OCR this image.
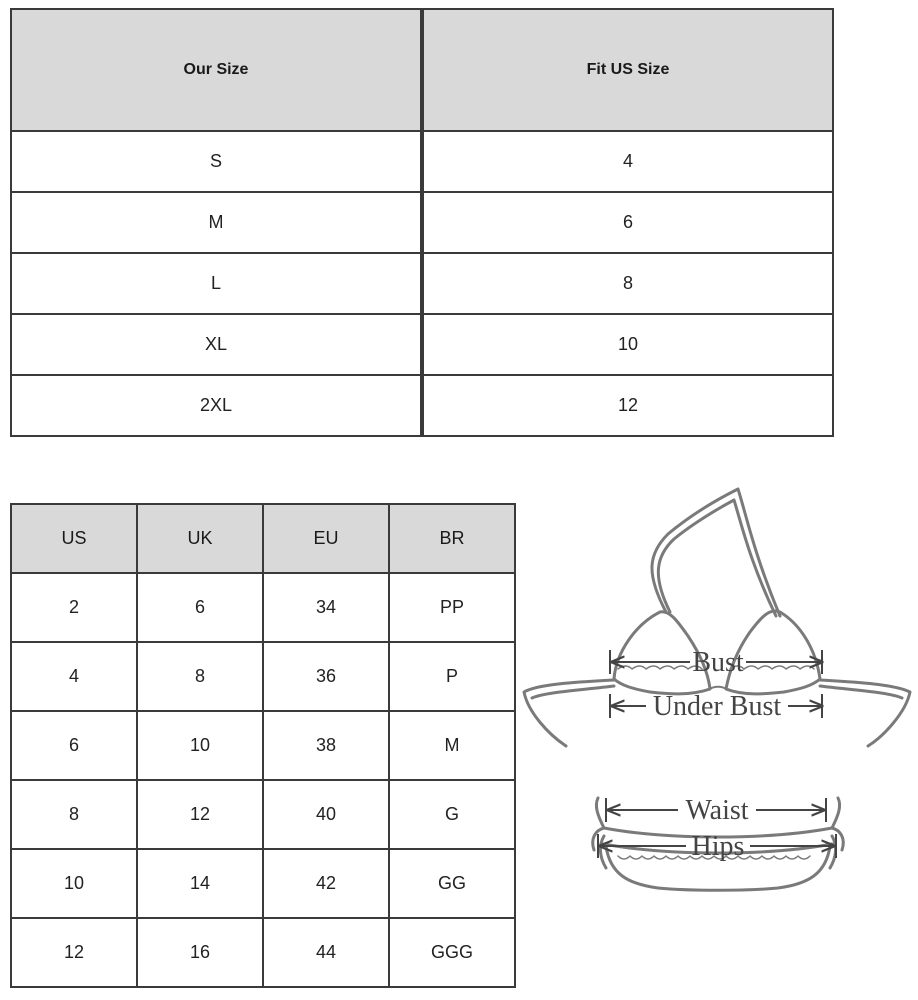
Our Size	Fit US Size
S	4
M	6
L	8
XL	10
2XL	12
US	UK	EU	BR
2	6	34	PP
4	8	36	P
6	10	38	M
8	12	40	G
10	14	42	GG
12	16	44	GGG
Bust
Under Bust
Waist
Hips
